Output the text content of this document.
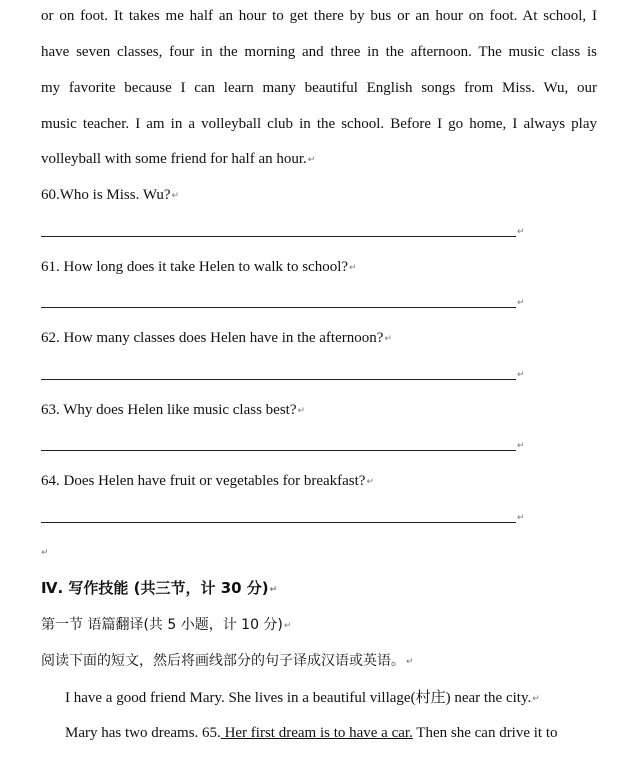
or on foot. It takes me half an hour to get there by bus or an hour on foot. At school, I
have seven classes, four in the morning and three in the afternoon. The music class is
my favorite because I can learn many beautiful English songs from Miss. Wu, our
music teacher. I am in a volleyball club in the school. Before I go home, I always play
volleyball with some friend for half an hour.↵
60.Who is Miss. Wu?↵
↵
61. How long does it take Helen to walk to school?↵
↵
62. How many classes does Helen have in the afternoon?↵
↵
63. Why does Helen like music class best?↵
↵
64. Does Helen have fruit or vegetables for breakfast?↵
↵
↵
Ⅳ. 写作技能 (共三节，计 30 分)↵
第一节 语篇翻译(共 5 小题，计 10 分)↵
阅读下面的短文，然后将画线部分的句子译成汉语或英语。↵
I have a good friend Mary. She lives in a beautiful village(村庄) near the city.↵
Mary has two dreams. 65. Her first dream is to have a car. Then she can drive it to
